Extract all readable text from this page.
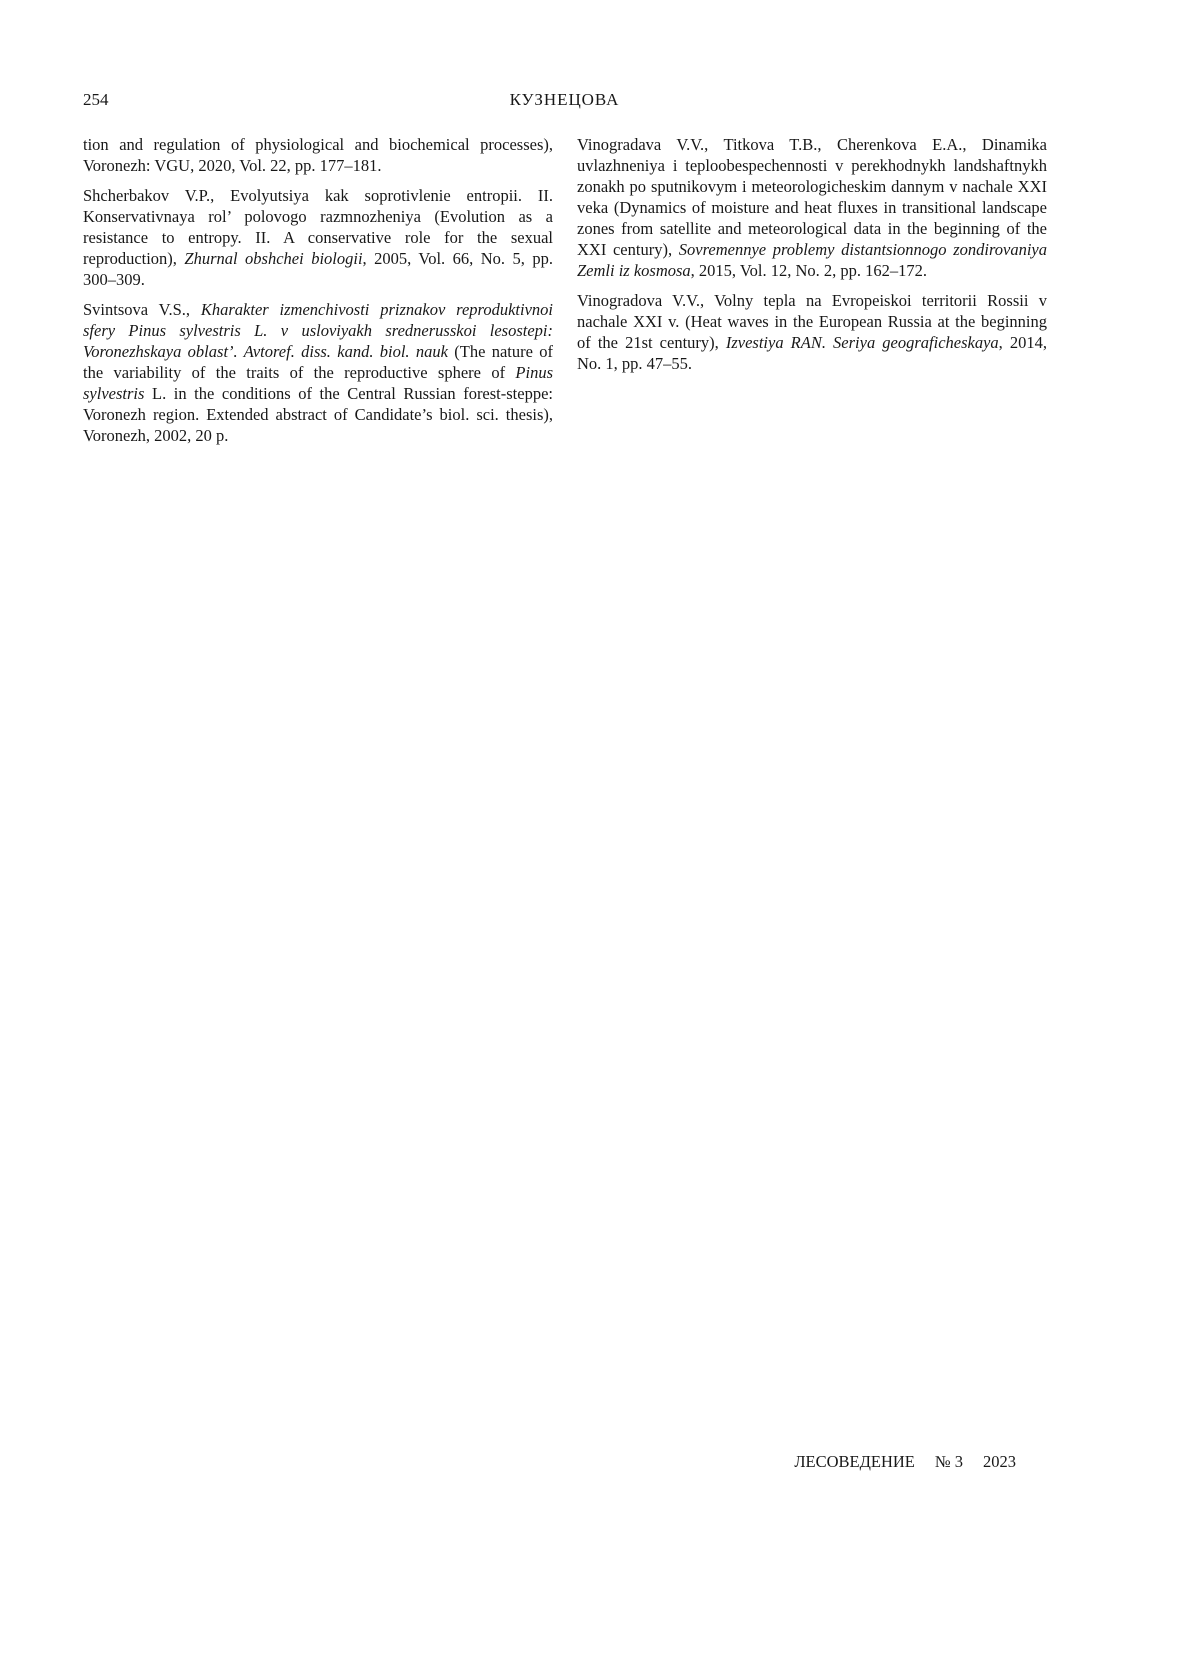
254	КУЗНЕЦОВА

tion and regulation of physiological and biochemical processes), Voronezh: VGU, 2020, Vol. 22, pp. 177–181.

Shcherbakov V.P., Evolyutsiya kak soprotivlenie entropii. II. Konservativnaya rol’ polovogo razmnozheniya (Evolution as a resistance to entropy. II. A conservative role for the sexual reproduction), Zhurnal obshchei biologii, 2005, Vol. 66, No. 5, pp. 300–309.

Svintsova V.S., Kharakter izmenchivosti priznakov reproduktivnoi sfery Pinus sylvestris L. v usloviyakh srednerusskoi lesostepi: Voronezhskaya oblast’. Avtoref. diss. kand. biol. nauk (The nature of the variability of the traits of the reproductive sphere of Pinus sylvestris L. in the conditions of the Central Russian forest-steppe: Voronezh region. Extended abstract of Candidate’s biol. sci. thesis), Voronezh, 2002, 20 p.

Vinogradava V.V., Titkova T.B., Cherenkova E.A., Dinamika uvlazhneniya i teploobespechennosti v perekhodnykh landshaftnykh zonakh po sputnikovym i meteorologicheskim dannym v nachale XXI veka (Dynamics of moisture and heat fluxes in transitional landscape zones from satellite and meteorological data in the beginning of the XXI century), Sovremennye problemy distantsionnogo zondirovaniya Zemli iz kosmosa, 2015, Vol. 12, No. 2, pp. 162–172.

Vinogradova V.V., Volny tepla na Evropeiskoi territorii Rossii v nachale XXI v. (Heat waves in the European Russia at the beginning of the 21st century), Izvestiya RAN. Seriya geograficheskaya, 2014, No. 1, pp. 47–55.

ЛЕСОВЕДЕНИЕ № 3 2023
